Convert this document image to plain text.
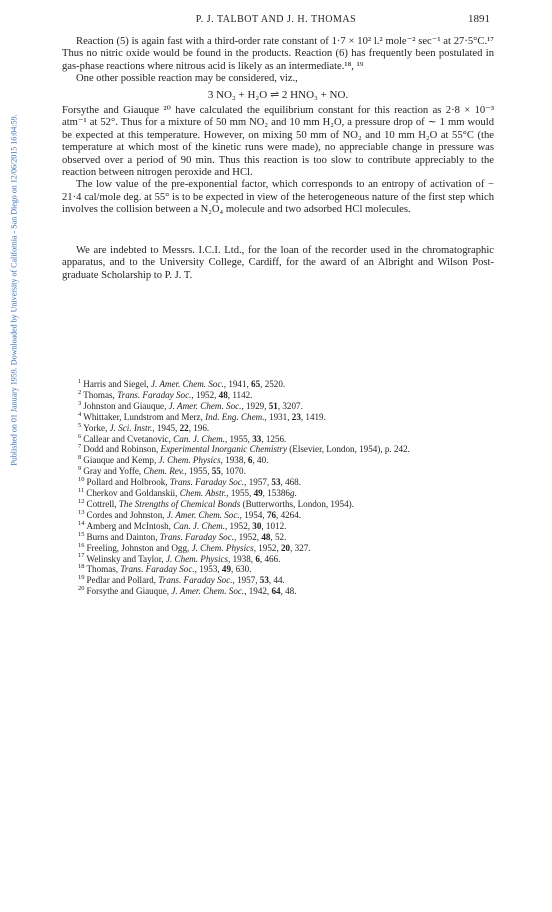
Published on 01 January 1959. Downloaded by University of California - San Diego on 12/06/2015 16:04:59.
P. J. TALBOT AND J. H. THOMAS	1891

Reaction (5) is again fast with a third-order rate constant of 1·7 × 10² l.² mole⁻² sec⁻¹ at 27·5°C.¹⁷ Thus no nitric oxide would be found in the products. Reaction (6) has frequently been postulated in gas-phase reactions where nitrous acid is likely as an intermediate.¹⁸, ¹⁹

One other possible reaction may be considered, viz.,

3 NO₂ + H₂O ⇌ 2 HNO₃ + NO.

Forsythe and Giauque ²⁰ have calculated the equilibrium constant for this reaction as 2·8 × 10⁻³ atm⁻¹ at 52°. Thus for a mixture of 50 mm NO₂ and 10 mm H₂O, a pressure drop of ∼ 1 mm would be expected at this temperature. However, on mixing 50 mm of NO₂ and 10 mm H₂O at 55°C (the temperature at which most of the kinetic runs were made), no appreciable change in pressure was observed over a period of 90 min. Thus this reaction is too slow to contribute appreciably to the reaction between nitrogen peroxide and HCl.

The low value of the pre-exponential factor, which corresponds to an entropy of activation of − 21·4 cal/mole deg. at 55° is to be expected in view of the heterogeneous nature of the first step which involves the collision between a N₂O₄ molecule and two adsorbed HCl molecules.

We are indebted to Messrs. I.C.I. Ltd., for the loan of the recorder used in the chromatographic apparatus, and to the University College, Cardiff, for the award of an Albright and Wilson Post-graduate Scholarship to P. J. T.

$^1$ Harris and Siegel, J. Amer. Chem. Soc., 1941, 65, 2520.
$^2$ Thomas, Trans. Faraday Soc., 1952, 48, 1142.
$^3$ Johnston and Giauque, J. Amer. Chem. Soc., 1929, 51, 3207.
$^4$ Whittaker, Lundstrom and Merz, Ind. Eng. Chem., 1931, 23, 1419.
$^5$ Yorke, J. Sci. Instr., 1945, 22, 196.
$^6$ Callear and Cvetanovic, Can. J. Chem., 1955, 33, 1256.
$^7$ Dodd and Robinson, Experimental Inorganic Chemistry (Elsevier, London, 1954), p. 242.
$^8$ Giauque and Kemp, J. Chem. Physics, 1938, 6, 40.
$^9$ Gray and Yoffe, Chem. Rev., 1955, 55, 1070.
$^{10}$ Pollard and Holbrook, Trans. Faraday Soc., 1957, 53, 468.
$^{11}$ Cherkov and Goldanskii, Chem. Abstr., 1955, 49, 15386g.
$^{12}$ Cottrell, The Strengths of Chemical Bonds (Butterworths, London, 1954).
$^{13}$ Cordes and Johnston, J. Amer. Chem. Soc., 1954, 76, 4264.
$^{14}$ Amberg and McIntosh, Can. J. Chem., 1952, 30, 1012.
$^{15}$ Burns and Dainton, Trans. Faraday Soc., 1952, 48, 52.
$^{16}$ Freeling, Johnston and Ogg, J. Chem. Physics, 1952, 20, 327.
$^{17}$ Welinsky and Taylor, J. Chem. Physics, 1938, 6, 466.
$^{18}$ Thomas, Trans. Faraday Soc., 1953, 49, 630.
$^{19}$ Pedlar and Pollard, Trans. Faraday Soc., 1957, 53, 44.
$^{20}$ Forsythe and Giauque, J. Amer. Chem. Soc., 1942, 64, 48.
